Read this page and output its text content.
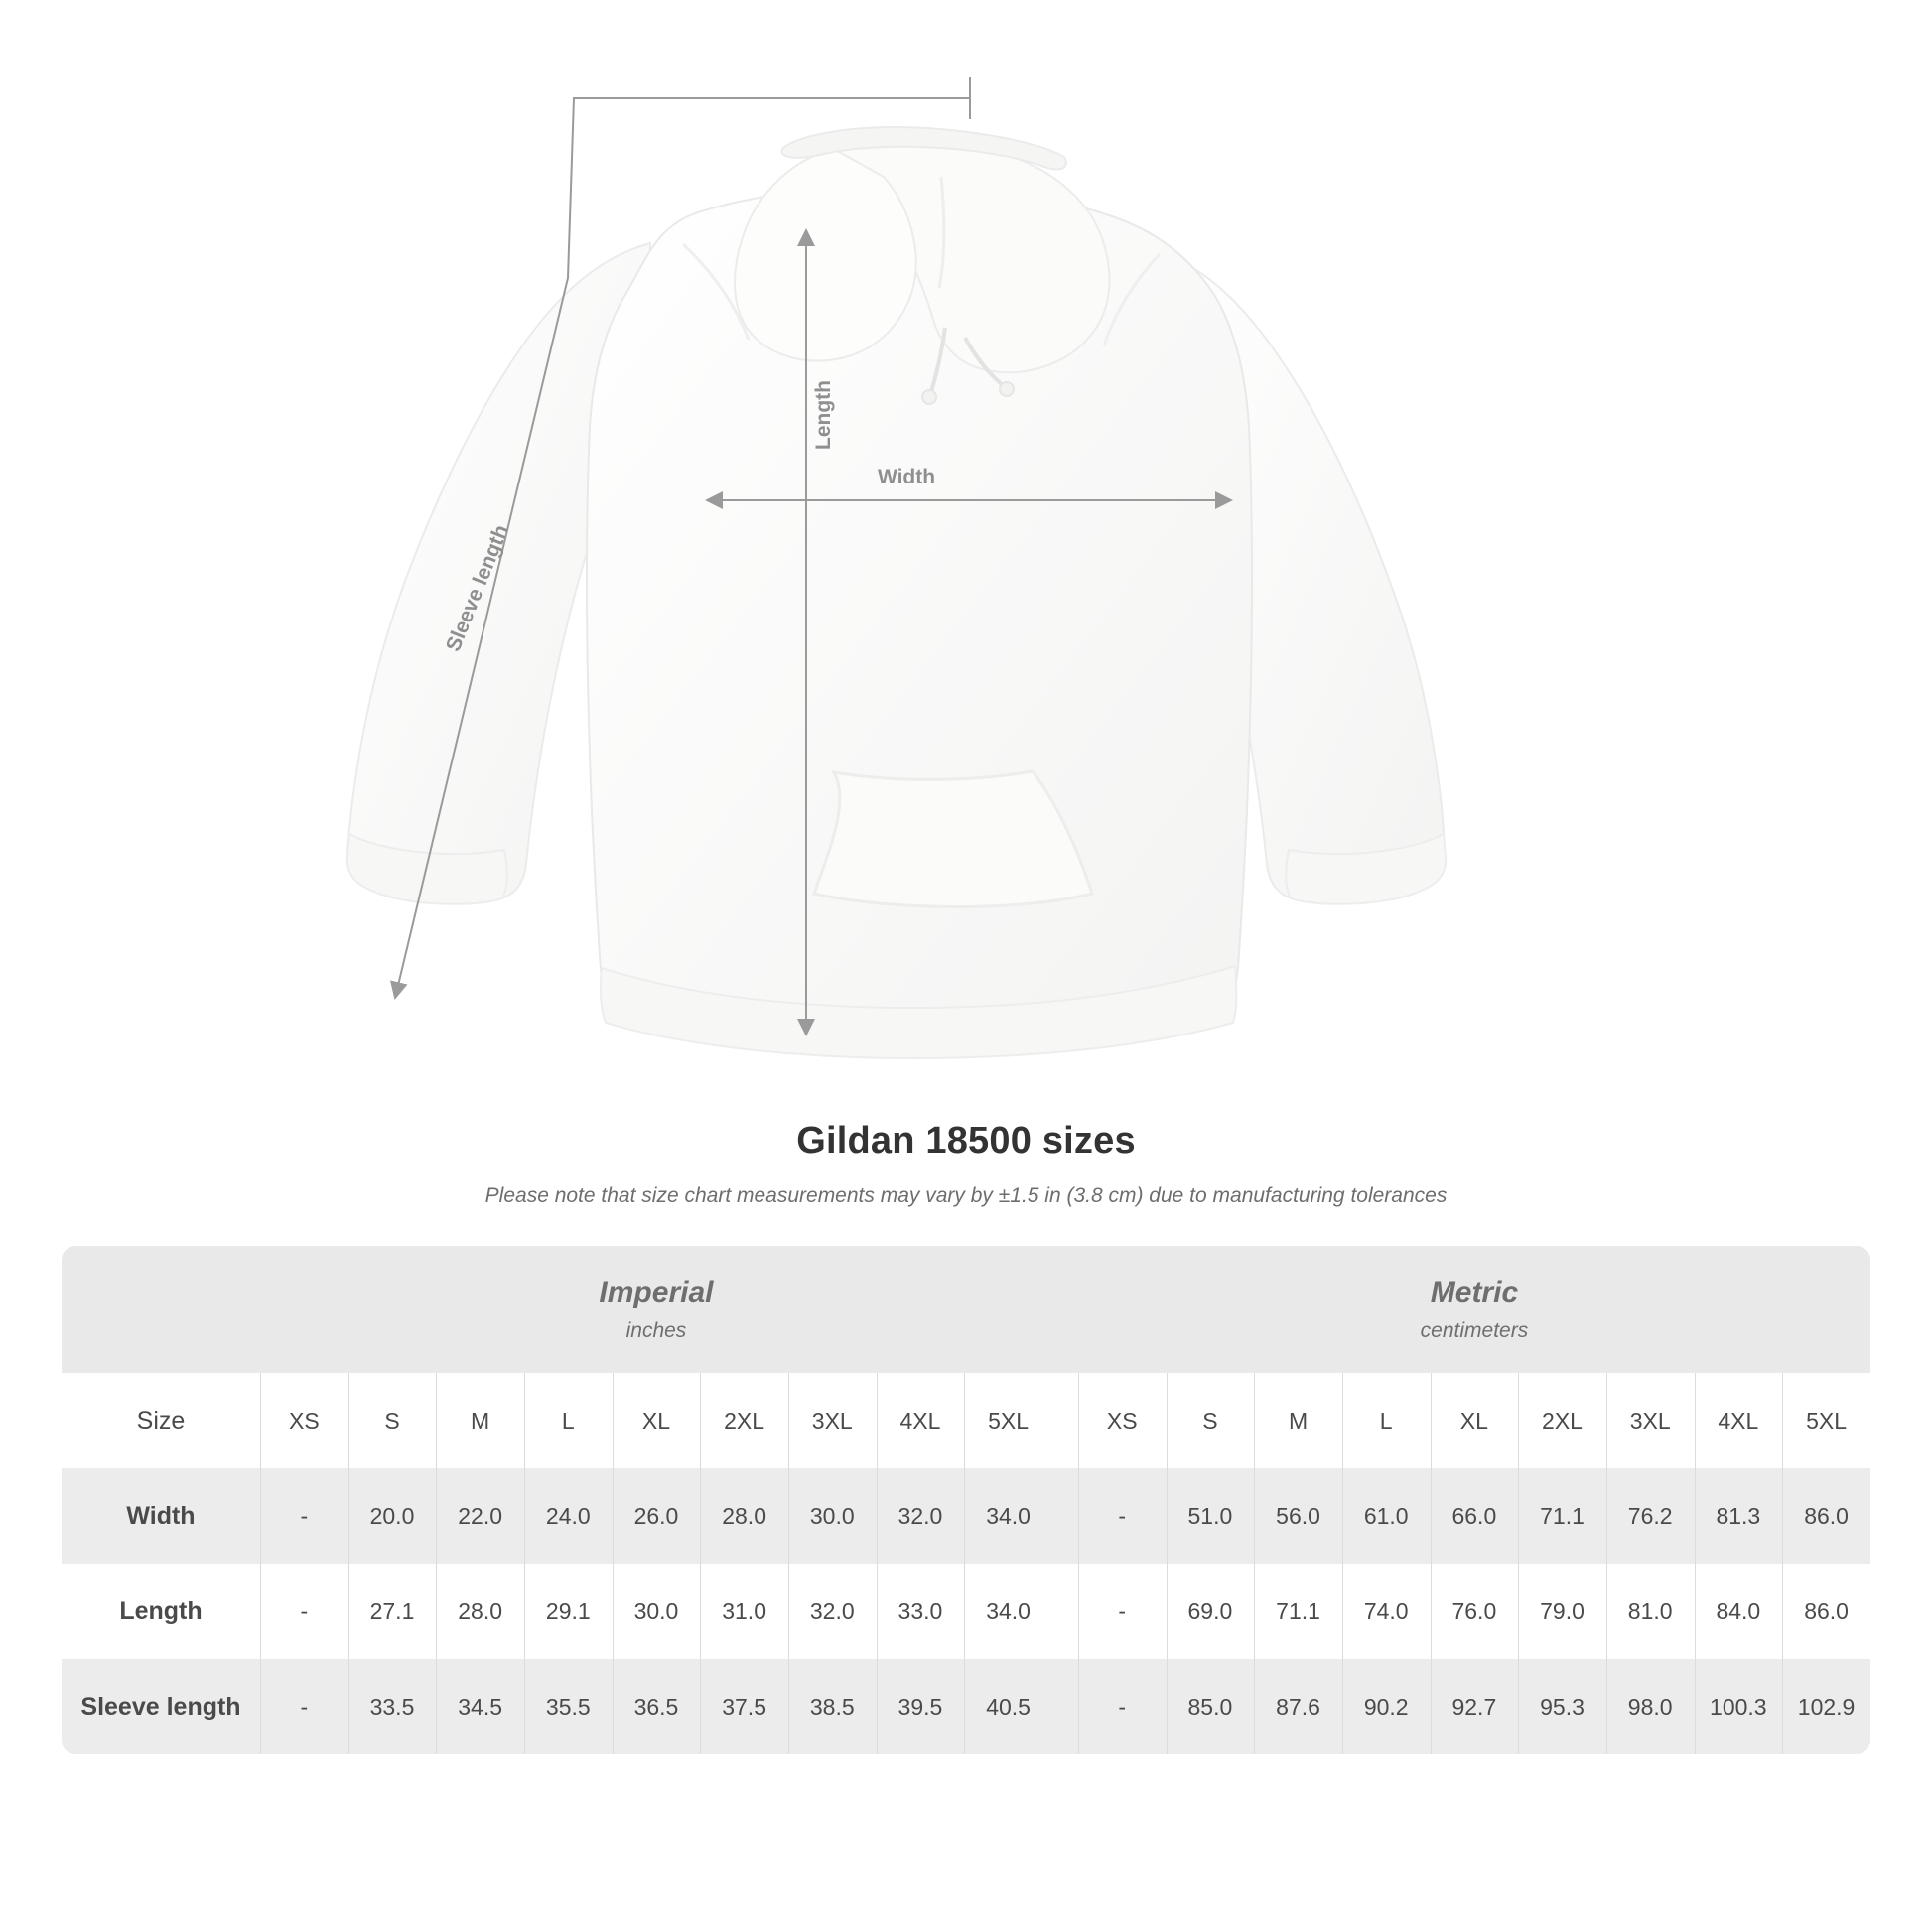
Length
Width
Sleeve length
Gildan 18500 sizes
Please note that size chart measurements may vary by ±1.5 in (3.8 cm) due to manufacturing tolerances

Imperial
inches

Metric
centimeters

Size	XS	S	M	L	XL	2XL	3XL	4XL	5XL		XS	S	M	L	XL	2XL	3XL	4XL	5XL
Width	-	20.0	22.0	24.0	26.0	28.0	30.0	32.0	34.0		-	51.0	56.0	61.0	66.0	71.1	76.2	81.3	86.0
Length	-	27.1	28.0	29.1	30.0	31.0	32.0	33.0	34.0		-	69.0	71.1	74.0	76.0	79.0	81.0	84.0	86.0
Sleeve length	-	33.5	34.5	35.5	36.5	37.5	38.5	39.5	40.5		-	85.0	87.6	90.2	92.7	95.3	98.0	100.3	102.9
